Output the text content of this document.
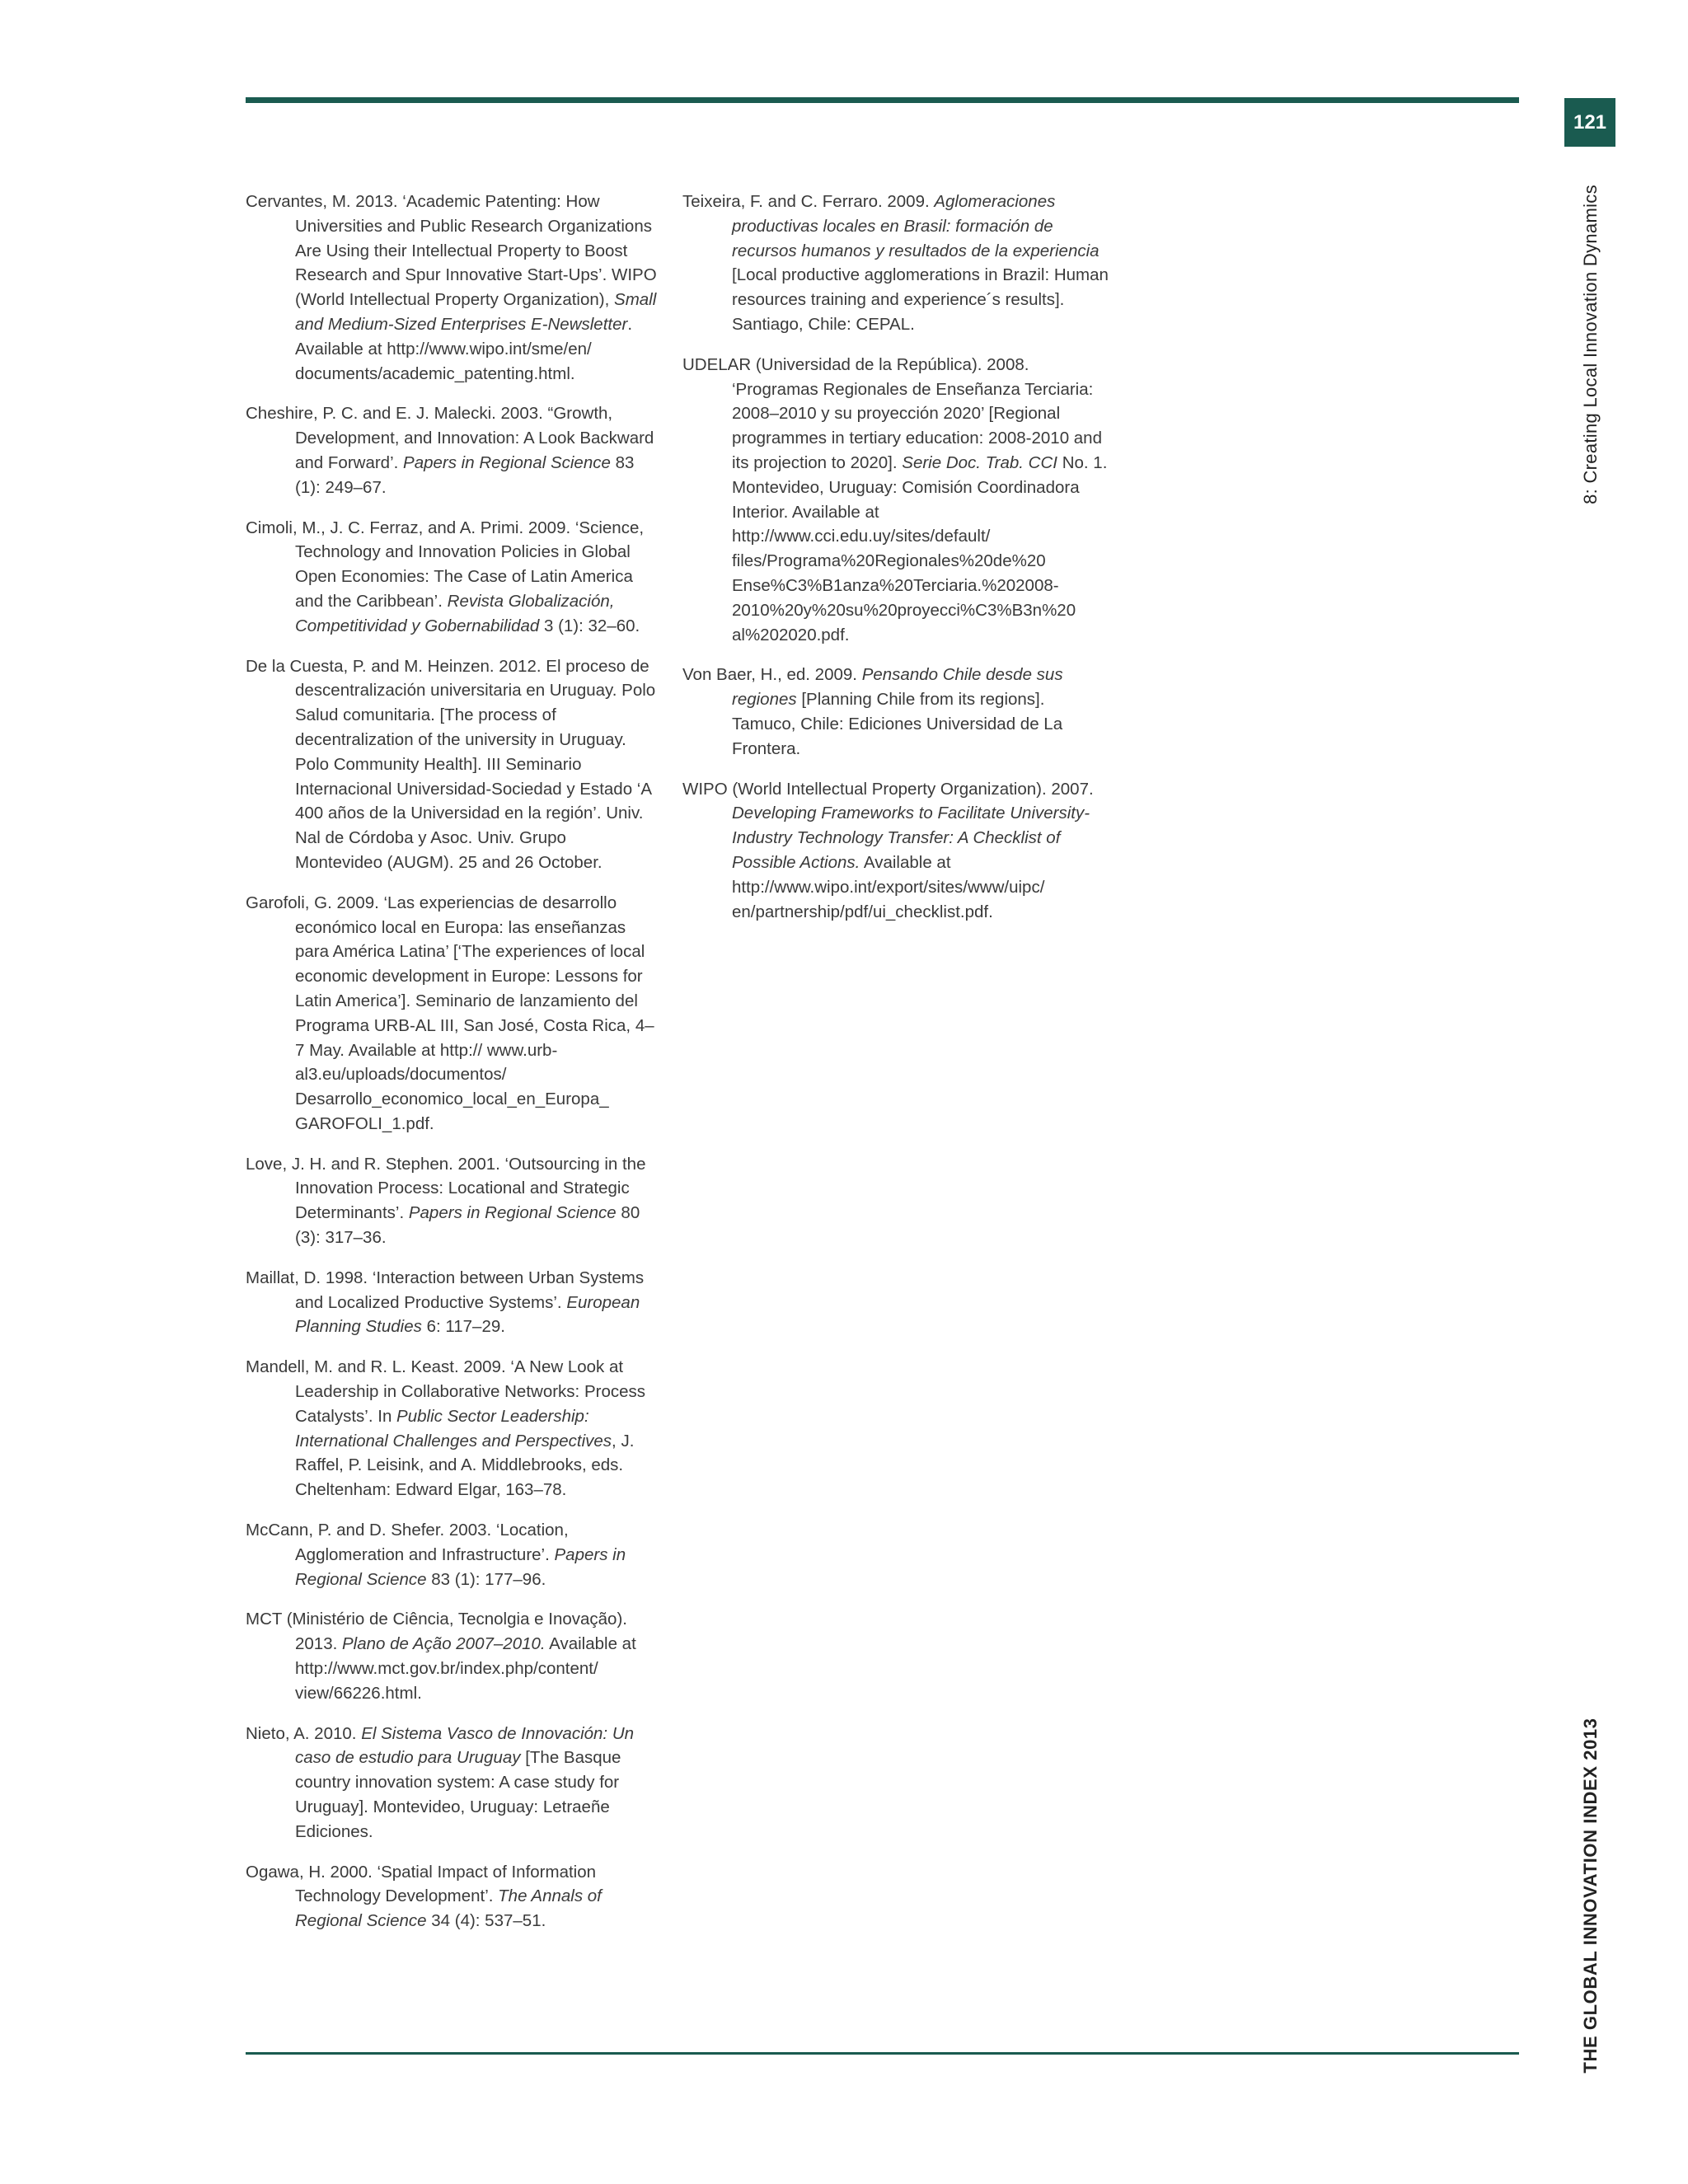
121
8: Creating Local Innovation Dynamics
THE GLOBAL INNOVATION INDEX 2013

Cervantes, M. 2013. ‘Academic Patenting: How Universities and Public Research Organizations Are Using their Intellectual Property to Boost Research and Spur Innovative Start-Ups’. WIPO (World Intellectual Property Organization), Small and Medium-Sized Enterprises E-Newsletter. Available at http://www.wipo.int/sme/en/ documents/academic_patenting.html.

Cheshire, P. C. and E. J. Malecki. 2003. “Growth, Development, and Innovation: A Look Backward and Forward’. Papers in Regional Science 83 (1): 249–67.

Cimoli, M., J. C. Ferraz, and A. Primi. 2009. ‘Science, Technology and Innovation Policies in Global Open Economies: The Case of Latin America and the Caribbean’. Revista Globalización, Competitividad y Gobernabilidad 3 (1): 32–60.

De la Cuesta, P. and M. Heinzen. 2012. El proceso de descentralización universitaria en Uruguay. Polo Salud comunitaria. [The process of decentralization of the university in Uruguay. Polo Community Health]. III Seminario Internacional Universidad-Sociedad y Estado ‘A 400 años de la Universidad en la región’. Univ. Nal de Córdoba y Asoc. Univ. Grupo Montevideo (AUGM). 25 and 26 October.

Garofoli, G. 2009. ‘Las experiencias de desarrollo económico local en Europa: las enseñanzas para América Latina’ [‘The experiences of local economic development in Europe: Lessons for Latin America’]. Seminario de lanzamiento del Programa URB-AL III, San José, Costa Rica, 4–7 May. Available at http:// www.urb-al3.eu/uploads/documentos/ Desarrollo_economico_local_en_Europa_ GAROFOLI_1.pdf.

Love, J. H. and R. Stephen. 2001. ‘Outsourcing in the Innovation Process: Locational and Strategic Determinants’. Papers in Regional Science 80 (3): 317–36.

Maillat, D. 1998. ‘Interaction between Urban Systems and Localized Productive Systems’. European Planning Studies 6: 117–29.

Mandell, M. and R. L. Keast. 2009. ‘A New Look at Leadership in Collaborative Networks: Process Catalysts’. In Public Sector Leadership: International Challenges and Perspectives, J. Raffel, P. Leisink, and A. Middlebrooks, eds. Cheltenham: Edward Elgar, 163–78.

McCann, P. and D. Shefer. 2003. ‘Location, Agglomeration and Infrastructure’. Papers in Regional Science 83 (1): 177–96.

MCT (Ministério de Ciência, Tecnolgia e Inovação). 2013. Plano de Ação 2007–2010. Available at http://www.mct.gov.br/index.php/content/ view/66226.html.

Nieto, A. 2010. El Sistema Vasco de Innovación: Un caso de estudio para Uruguay [The Basque country innovation system: A case study for Uruguay]. Montevideo, Uruguay: Letraeñe Ediciones.

Ogawa, H. 2000. ‘Spatial Impact of Information Technology Development’. The Annals of Regional Science 34 (4): 537–51.

Teixeira, F. and C. Ferraro. 2009. Aglomeraciones productivas locales en Brasil: formación de recursos humanos y resultados de la experiencia [Local productive agglomerations in Brazil: Human resources training and experience´s results]. Santiago, Chile: CEPAL.

UDELAR (Universidad de la República). 2008. ‘Programas Regionales de Enseñanza Terciaria: 2008–2010 y su proyección 2020’ [Regional programmes in tertiary education: 2008-2010 and its projection to 2020]. Serie Doc. Trab. CCI No. 1. Montevideo, Uruguay: Comisión Coordinadora Interior. Available at http://www.cci.edu.uy/sites/default/ files/Programa%20Regionales%20de%20 Ense%C3%B1anza%20Terciaria.%202008- 2010%20y%20su%20proyecci%C3%B3n%20 al%202020.pdf.

Von Baer, H., ed. 2009. Pensando Chile desde sus regiones [Planning Chile from its regions]. Tamuco, Chile: Ediciones Universidad de La Frontera.

WIPO (World Intellectual Property Organization). 2007. Developing Frameworks to Facilitate University-Industry Technology Transfer: A Checklist of Possible Actions. Available at http://www.wipo.int/export/sites/www/uipc/ en/partnership/pdf/ui_checklist.pdf.
